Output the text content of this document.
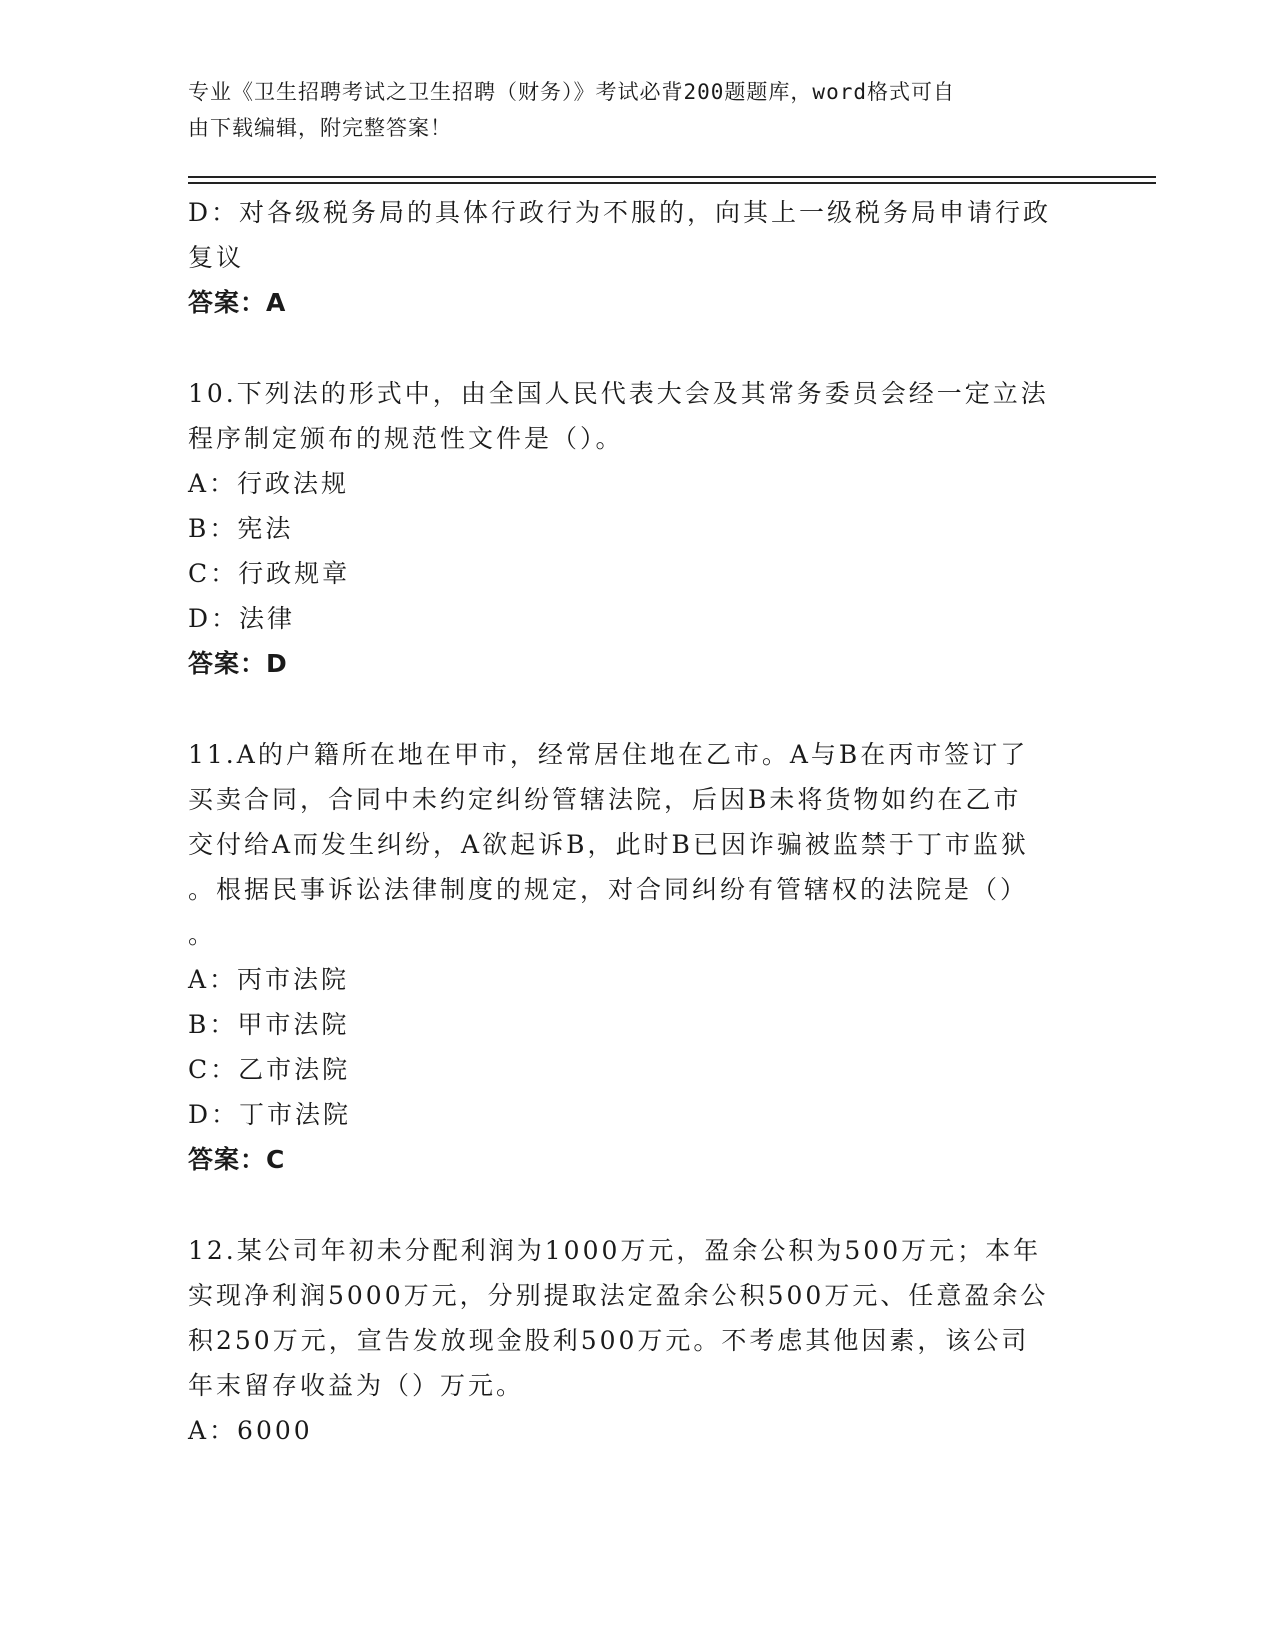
专业《卫生招聘考试之卫生招聘（财务）》考试必背200题题库，word格式可自
由下载编辑，附完整答案！
D：对各级税务局的具体行政行为不服的，向其上一级税务局申请行政
复议
答案：A
10.下列法的形式中，由全国人民代表大会及其常务委员会经一定立法
程序制定颁布的规范性文件是（）。
A：行政法规
B：宪法
C：行政规章
D：法律
答案：D
11.A的户籍所在地在甲市，经常居住地在乙市。A与B在丙市签订了
买卖合同，合同中未约定纠纷管辖法院，后因B未将货物如约在乙市
交付给A而发生纠纷，A欲起诉B，此时B已因诈骗被监禁于丁市监狱
。根据民事诉讼法律制度的规定，对合同纠纷有管辖权的法院是（）
。
A：丙市法院
B：甲市法院
C：乙市法院
D：丁市法院
答案：C
12.某公司年初未分配利润为1000万元，盈余公积为500万元；本年
实现净利润5000万元，分别提取法定盈余公积500万元、任意盈余公
积250万元，宣告发放现金股利500万元。不考虑其他因素，该公司
年末留存收益为（）万元。
A：6000
